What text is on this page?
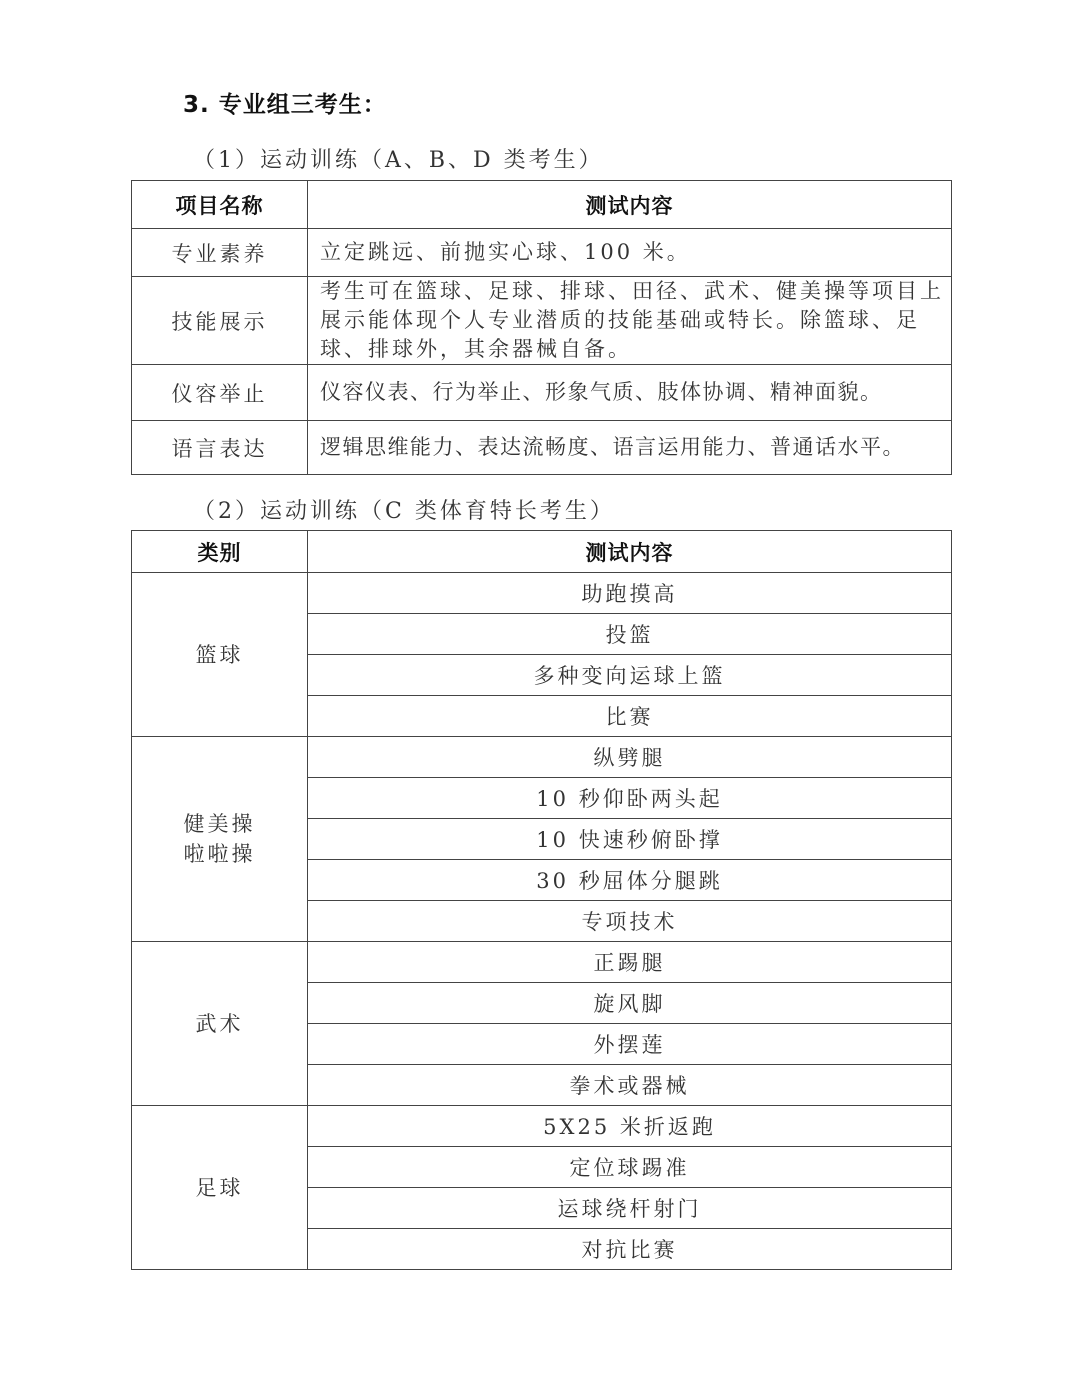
3. 专业组三考生：
（1）运动训练（A、B、D 类考生）
项目名称	测试内容
专业素养	立定跳远、前抛实心球、100 米。
技能展示	考生可在篮球、足球、排球、田径、武术、健美操等项目上展示能体现个人专业潜质的技能基础或特长。除篮球、足球、排球外，其余器械自备。
仪容举止	仪容仪表、行为举止、形象气质、肢体协调、精神面貌。
语言表达	逻辑思维能力、表达流畅度、语言运用能力、普通话水平。
（2）运动训练（C 类体育特长考生）
类别	测试内容

篮球	助跑摸高
	投篮
	多种变向运球上篮
	比赛

健美操
啦啦操	纵劈腿
	10 秒仰卧两头起
	10 快速秒俯卧撑
	30 秒屈体分腿跳
	专项技术

武术	正踢腿
	旋风脚
	外摆莲
	拳术或器械

足球	5X25 米折返跑
	定位球踢准
	运球绕杆射门
	对抗比赛
